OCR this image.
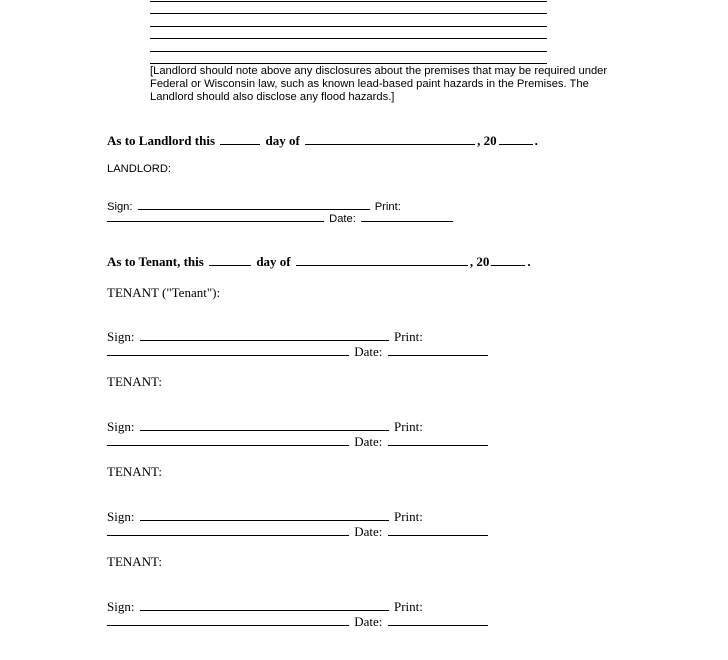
[Landlord should note above any disclosures about the premises that may be required under Federal or Wisconsin law, such as known lead-based paint hazards in the Premises. The Landlord should also disclose any flood hazards.]
As to Landlord this	day of	, 20	.
LANDLORD:
Sign:	Print:
Date:
As to Tenant, this	day of	, 20	.
TENANT ("Tenant"):
Sign:	Print:
Date:
TENANT:
Sign:	Print:
Date:
TENANT:
Sign:	Print:
Date:
TENANT:
Sign:	Print:
Date:
